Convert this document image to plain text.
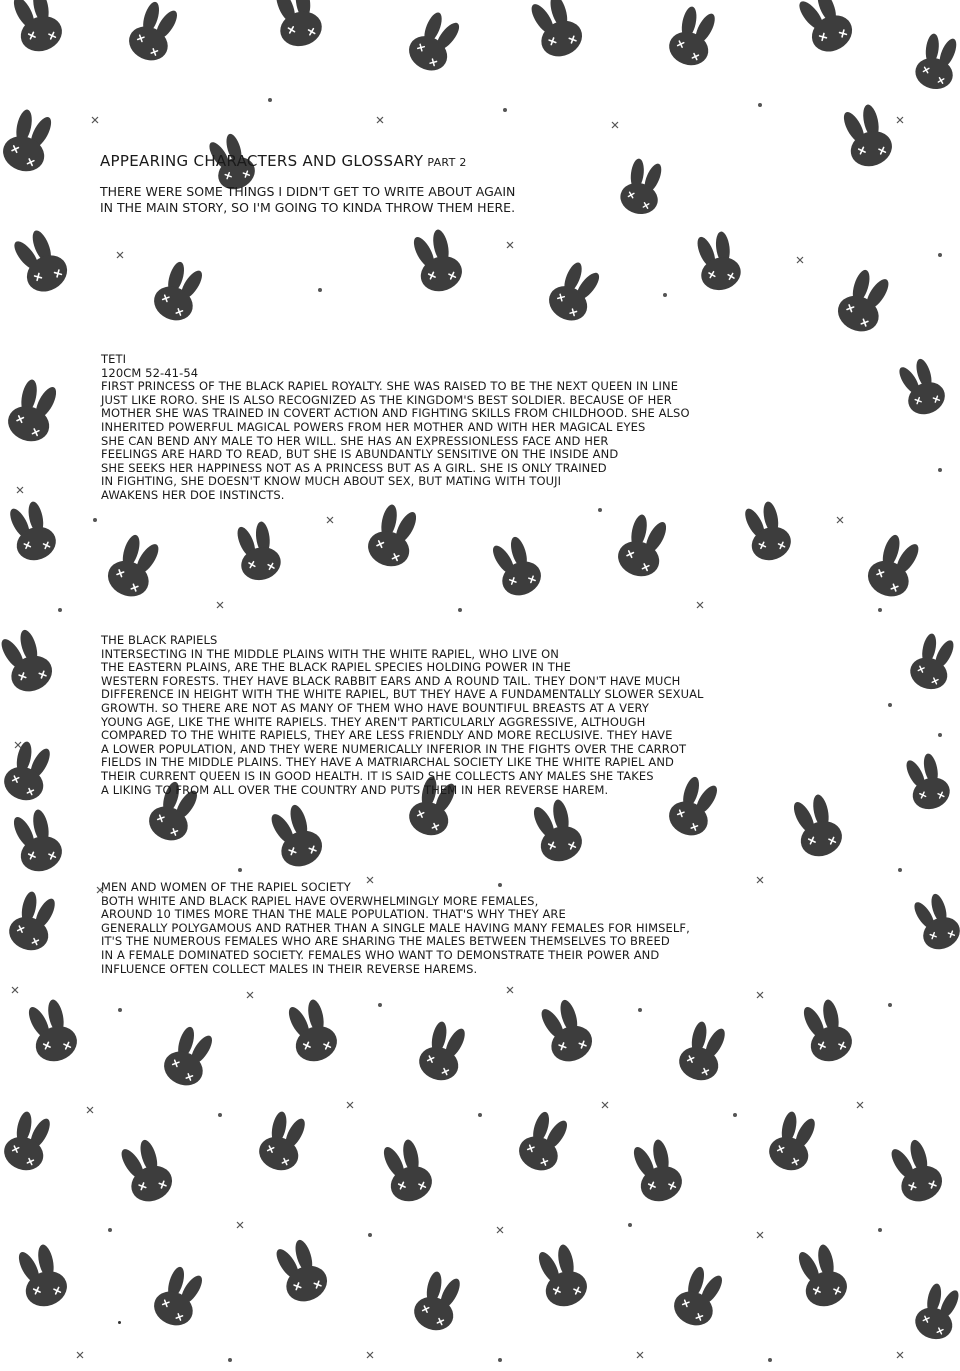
APPEARING CHARACTERS AND GLOSSARY PART 2
THERE WERE SOME THINGS I DIDN'T GET TO WRITE ABOUT AGAIN
IN THE MAIN STORY, SO I'M GOING TO KINDA THROW THEM HERE.
TETI
120CM 52-41-54
FIRST PRINCESS OF THE BLACK RAPIEL ROYALTY. SHE WAS RAISED TO BE THE NEXT QUEEN IN LINE
JUST LIKE RORO. SHE IS ALSO RECOGNIZED AS THE KINGDOM'S BEST SOLDIER. BECAUSE OF HER
MOTHER SHE WAS TRAINED IN COVERT ACTION AND FIGHTING SKILLS FROM CHILDHOOD. SHE ALSO
INHERITED POWERFUL MAGICAL POWERS FROM HER MOTHER AND WITH HER MAGICAL EYES
SHE CAN BEND ANY MALE TO HER WILL. SHE HAS AN EXPRESSIONLESS FACE AND HER
FEELINGS ARE HARD TO READ, BUT SHE IS ABUNDANTLY SENSITIVE ON THE INSIDE AND
SHE SEEKS HER HAPPINESS NOT AS A PRINCESS BUT AS A GIRL. SHE IS ONLY TRAINED
IN FIGHTING, SHE DOESN'T KNOW MUCH ABOUT SEX, BUT MATING WITH TOUJI
AWAKENS HER DOE INSTINCTS.
THE BLACK RAPIELS
INTERSECTING IN THE MIDDLE PLAINS WITH THE WHITE RAPIEL, WHO LIVE ON
THE EASTERN PLAINS, ARE THE BLACK RAPIEL SPECIES HOLDING POWER IN THE
WESTERN FORESTS. THEY HAVE BLACK RABBIT EARS AND A ROUND TAIL. THEY DON'T HAVE MUCH
DIFFERENCE IN HEIGHT WITH THE WHITE RAPIEL, BUT THEY HAVE A FUNDAMENTALLY SLOWER SEXUAL
GROWTH. SO THERE ARE NOT AS MANY OF THEM WHO HAVE BOUNTIFUL BREASTS AT A VERY
YOUNG AGE, LIKE THE WHITE RAPIELS. THEY AREN'T PARTICULARLY AGGRESSIVE, ALTHOUGH
COMPARED TO THE WHITE RAPIELS, THEY ARE LESS FRIENDLY AND MORE RECLUSIVE. THEY HAVE
A LOWER POPULATION, AND THEY WERE NUMERICALLY INFERIOR IN THE FIGHTS OVER THE CARROT
FIELDS IN THE MIDDLE PLAINS. THEY HAVE A MATRIARCHAL SOCIETY LIKE THE WHITE RAPIEL AND
THEIR CURRENT QUEEN IS IN GOOD HEALTH. IT IS SAID SHE COLLECTS ANY MALES SHE TAKES
A LIKING TO FROM ALL OVER THE COUNTRY AND PUTS THEM IN HER REVERSE HAREM.
MEN AND WOMEN OF THE RAPIEL SOCIETY
BOTH WHITE AND BLACK RAPIEL HAVE OVERWHELMINGLY MORE FEMALES,
AROUND 10 TIMES MORE THAN THE MALE POPULATION. THAT'S WHY THEY ARE
GENERALLY POLYGAMOUS AND RATHER THAN A SINGLE MALE HAVING MANY FEMALES FOR HIMSELF,
IT'S THE NUMEROUS FEMALES WHO ARE SHARING THE MALES BETWEEN THEMSELVES TO BREED
IN A FEMALE DOMINATED SOCIETY. FEMALES WHO WANT TO DEMONSTRATE THEIR POWER AND
INFLUENCE OFTEN COLLECT MALES IN THEIR REVERSE HAREMS.
